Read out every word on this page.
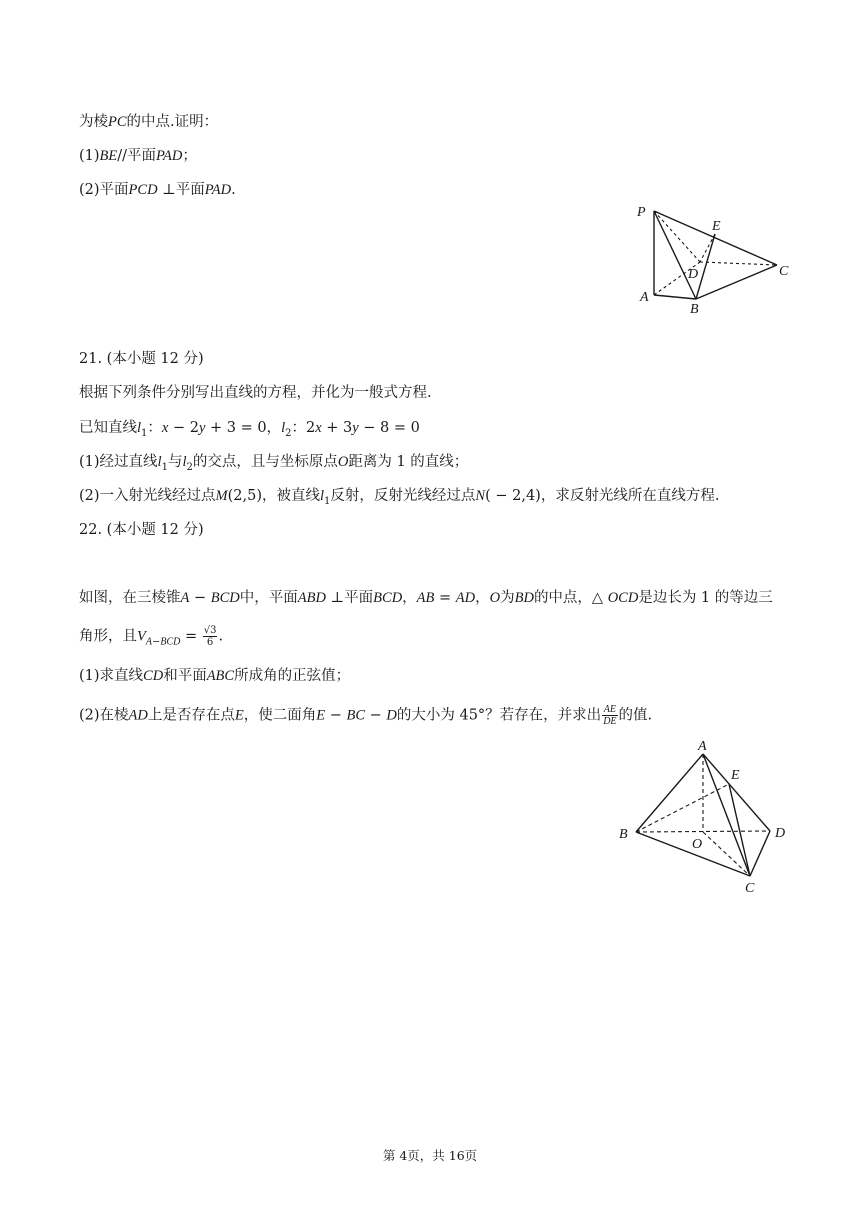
为棱PC的中点.证明：
(1)BE//平面PAD；
(2)平面PCD ⊥平面PAD.
P
E
D	C
A
B
21. (本小题 12 分)
根据下列条件分别写出直线的方程，并化为一般式方程.
已知直线$l_1$：x − 2y + 3 = 0，$l_2$：2x + 3y − 8 = 0
(1)经过直线$l_1$与$l_2$的交点，且与坐标原点O距离为 1 的直线；
(2)一入射光线经过点M(2,5)，被直线$l_1$反射，反射光线经过点N( − 2,4)，求反射光线所在直线方程.
22. (本小题 12 分)
如图，在三棱锥A − BCD中，平面ABD ⊥平面BCD，AB = AD，O为BD的中点，△ OCD是边长为 1 的等边三
角形，且$V_{A-BCD} = \frac{√3}{6}$ .
(1)求直线CD和平面ABC所成角的正弦值；
(2)在棱AD上是否存在点E，使二面角E − BC − D的大小为 45°？若存在，并求出 $\frac{AE}{DE}$ 的值.
A
E
B	D
O
C
第 4页，共 16页
